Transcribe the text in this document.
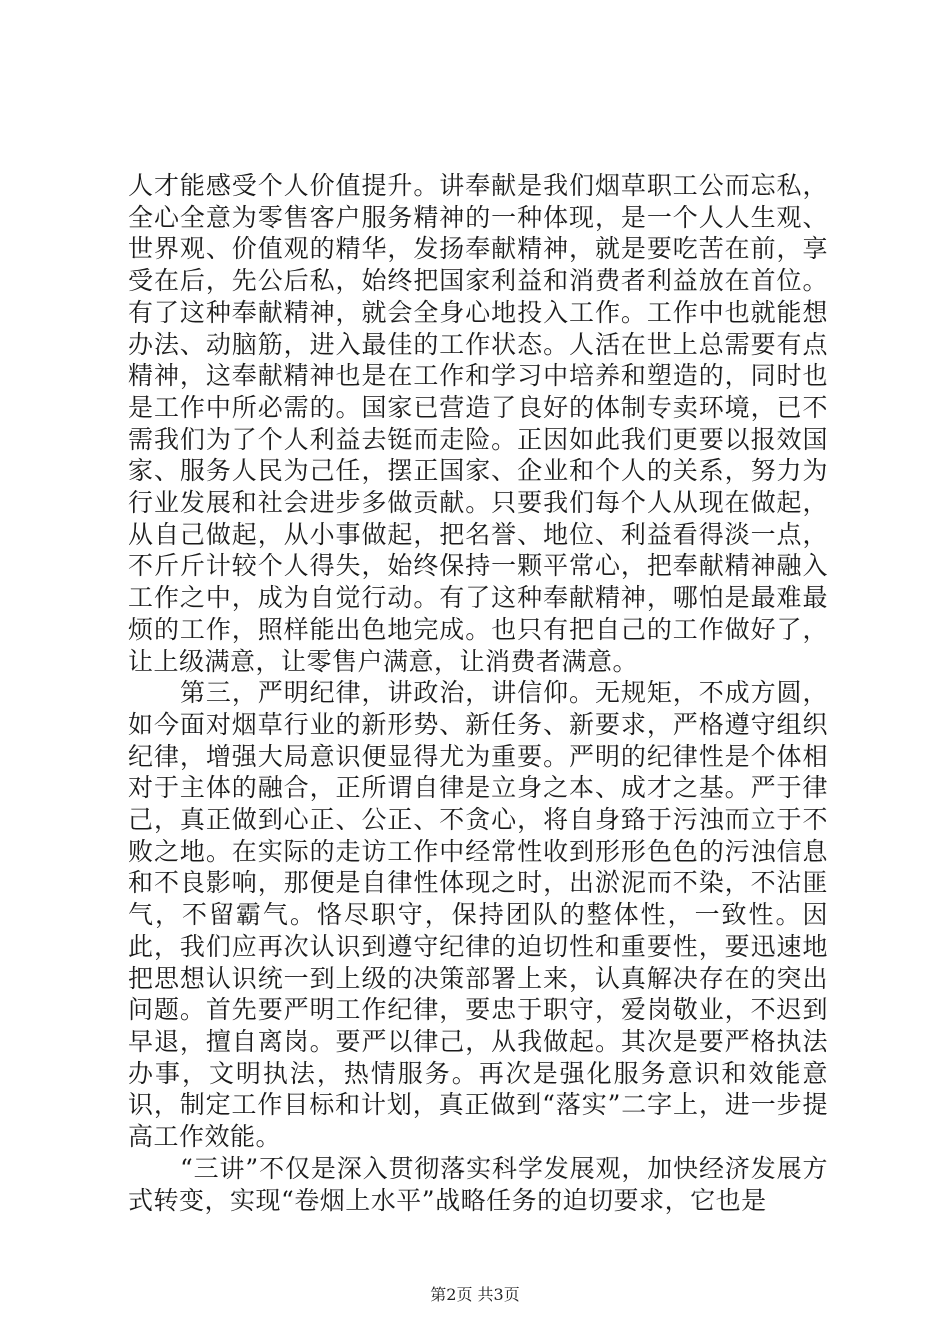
人才能感受个人价值提升。讲奉献是我们烟草职工公而忘私，全心全意为零售客户服务精神的一种体现，是一个人人生观、世界观、价值观的精华，发扬奉献精神，就是要吃苦在前，享受在后，先公后私，始终把国家利益和消费者利益放在首位。有了这种奉献精神，就会全身心地投入工作。工作中也就能想办法、动脑筋，进入最佳的工作状态。人活在世上总需要有点精神，这奉献精神也是在工作和学习中培养和塑造的，同时也是工作中所必需的。国家已营造了良好的体制专卖环境，已不需我们为了个人利益去铤而走险。正因如此我们更要以报效国家、服务人民为己任，摆正国家、企业和个人的关系，努力为行业发展和社会进步多做贡献。只要我们每个人从现在做起，从自己做起，从小事做起，把名誉、地位、利益看得淡一点，不斤斤计较个人得失，始终保持一颗平常心，把奉献精神融入工作之中，成为自觉行动。有了这种奉献精神，哪怕是最难最烦的工作，照样能出色地完成。也只有把自己的工作做好了，让上级满意，让零售户满意，让消费者满意。

第三，严明纪律，讲政治，讲信仰。无规矩，不成方圆，如今面对烟草行业的新形势、新任务、新要求，严格遵守组织纪律，增强大局意识便显得尤为重要。严明的纪律性是个体相对于主体的融合，正所谓自律是立身之本、成才之基。严于律己，真正做到心正、公正、不贪心，将自身臵于污浊而立于不败之地。在实际的走访工作中经常性收到形形色色的污浊信息和不良影响，那便是自律性体现之时，出淤泥而不染，不沾匪气，不留霸气。恪尽职守，保持团队的整体性，一致性。因此，我们应再次认识到遵守纪律的迫切性和重要性，要迅速地把思想认识统一到上级的决策部署上来，认真解决存在的突出问题。首先要严明工作纪律，要忠于职守，爱岗敬业，不迟到早退，擅自离岗。要严以律己，从我做起。其次是要严格执法办事，文明执法，热情服务。再次是强化服务意识和效能意识，制定工作目标和计划，真正做到“落实”二字上，进一步提高工作效能。

“三讲”不仅是深入贯彻落实科学发展观，加快经济发展方式转变，实现“卷烟上水平”战略任务的迫切要求，它也是

第2页 共3页
